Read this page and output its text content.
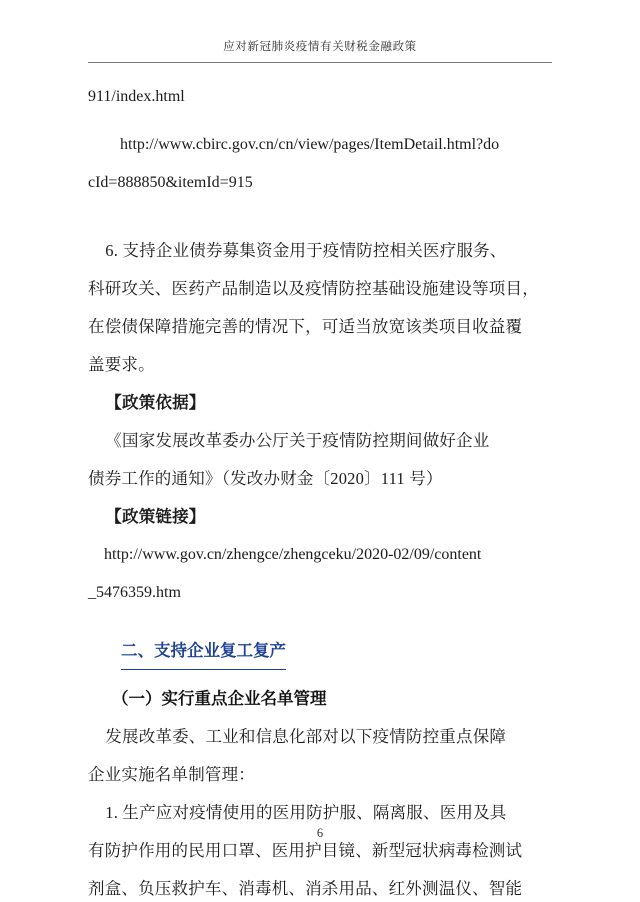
应对新冠肺炎疫情有关财税金融政策

911/index.html

http://www.cbirc.gov.cn/cn/view/pages/ItemDetail.html?do

cId=888850&itemId=915

6. 支持企业债券募集资金用于疫情防控相关医疗服务、

科研攻关、医药产品制造以及疫情防控基础设施建设等项目，

在偿债保障措施完善的情况下，可适当放宽该类项目收益覆

盖要求。

【政策依据】

《国家发展改革委办公厅关于疫情防控期间做好企业

债券工作的通知》（发改办财金〔2020〕111 号）

【政策链接】

http://www.gov.cn/zhengce/zhengceku/2020-02/09/content

_5476359.htm

二、支持企业复工复产

（一）实行重点企业名单管理

发展改革委、工业和信息化部对以下疫情防控重点保障

企业实施名单制管理：

1. 生产应对疫情使用的医用防护服、隔离服、医用及具

有防护作用的民用口罩、医用护目镜、新型冠状病毒检测试

剂盒、负压救护车、消毒机、消杀用品、红外测温仪、智能

6
